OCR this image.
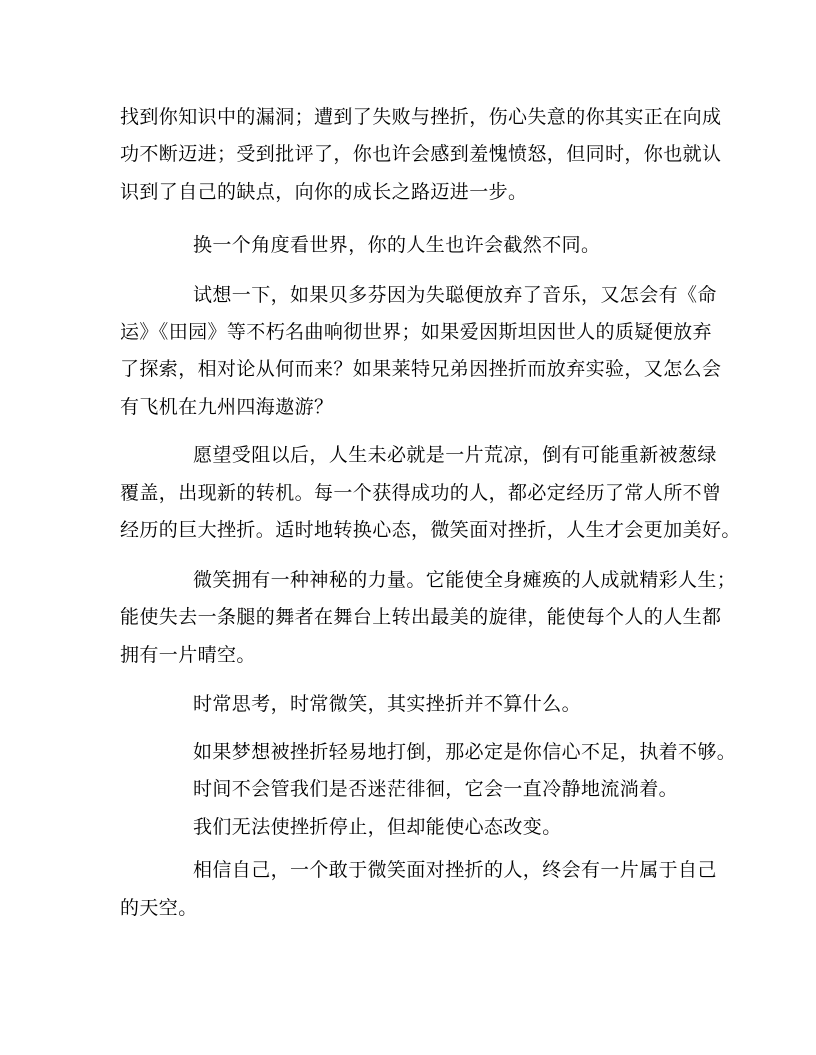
找到你知识中的漏洞；遭到了失败与挫折，伤心失意的你其实正在向成
功不断迈进；受到批评了，你也许会感到羞愧愤怒，但同时，你也就认
识到了自己的缺点，向你的成长之路迈进一步。
换一个角度看世界，你的人生也许会截然不同。
试想一下，如果贝多芬因为失聪便放弃了音乐，又怎会有《命
运》《田园》等不朽名曲响彻世界；如果爱因斯坦因世人的质疑便放弃
了探索，相对论从何而来？如果莱特兄弟因挫折而放弃实验，又怎么会
有飞机在九州四海遨游？
愿望受阻以后，人生未必就是一片荒凉，倒有可能重新被葱绿
覆盖，出现新的转机。每一个获得成功的人，都必定经历了常人所不曾
经历的巨大挫折。适时地转换心态，微笑面对挫折，人生才会更加美好。
微笑拥有一种神秘的力量。它能使全身瘫痪的人成就精彩人生；
能使失去一条腿的舞者在舞台上转出最美的旋律，能使每个人的人生都
拥有一片晴空。
时常思考，时常微笑，其实挫折并不算什么。
如果梦想被挫折轻易地打倒，那必定是你信心不足，执着不够。
时间不会管我们是否迷茫徘徊，它会一直冷静地流淌着。
我们无法使挫折停止，但却能使心态改变。
相信自己，一个敢于微笑面对挫折的人，终会有一片属于自己
的天空。
